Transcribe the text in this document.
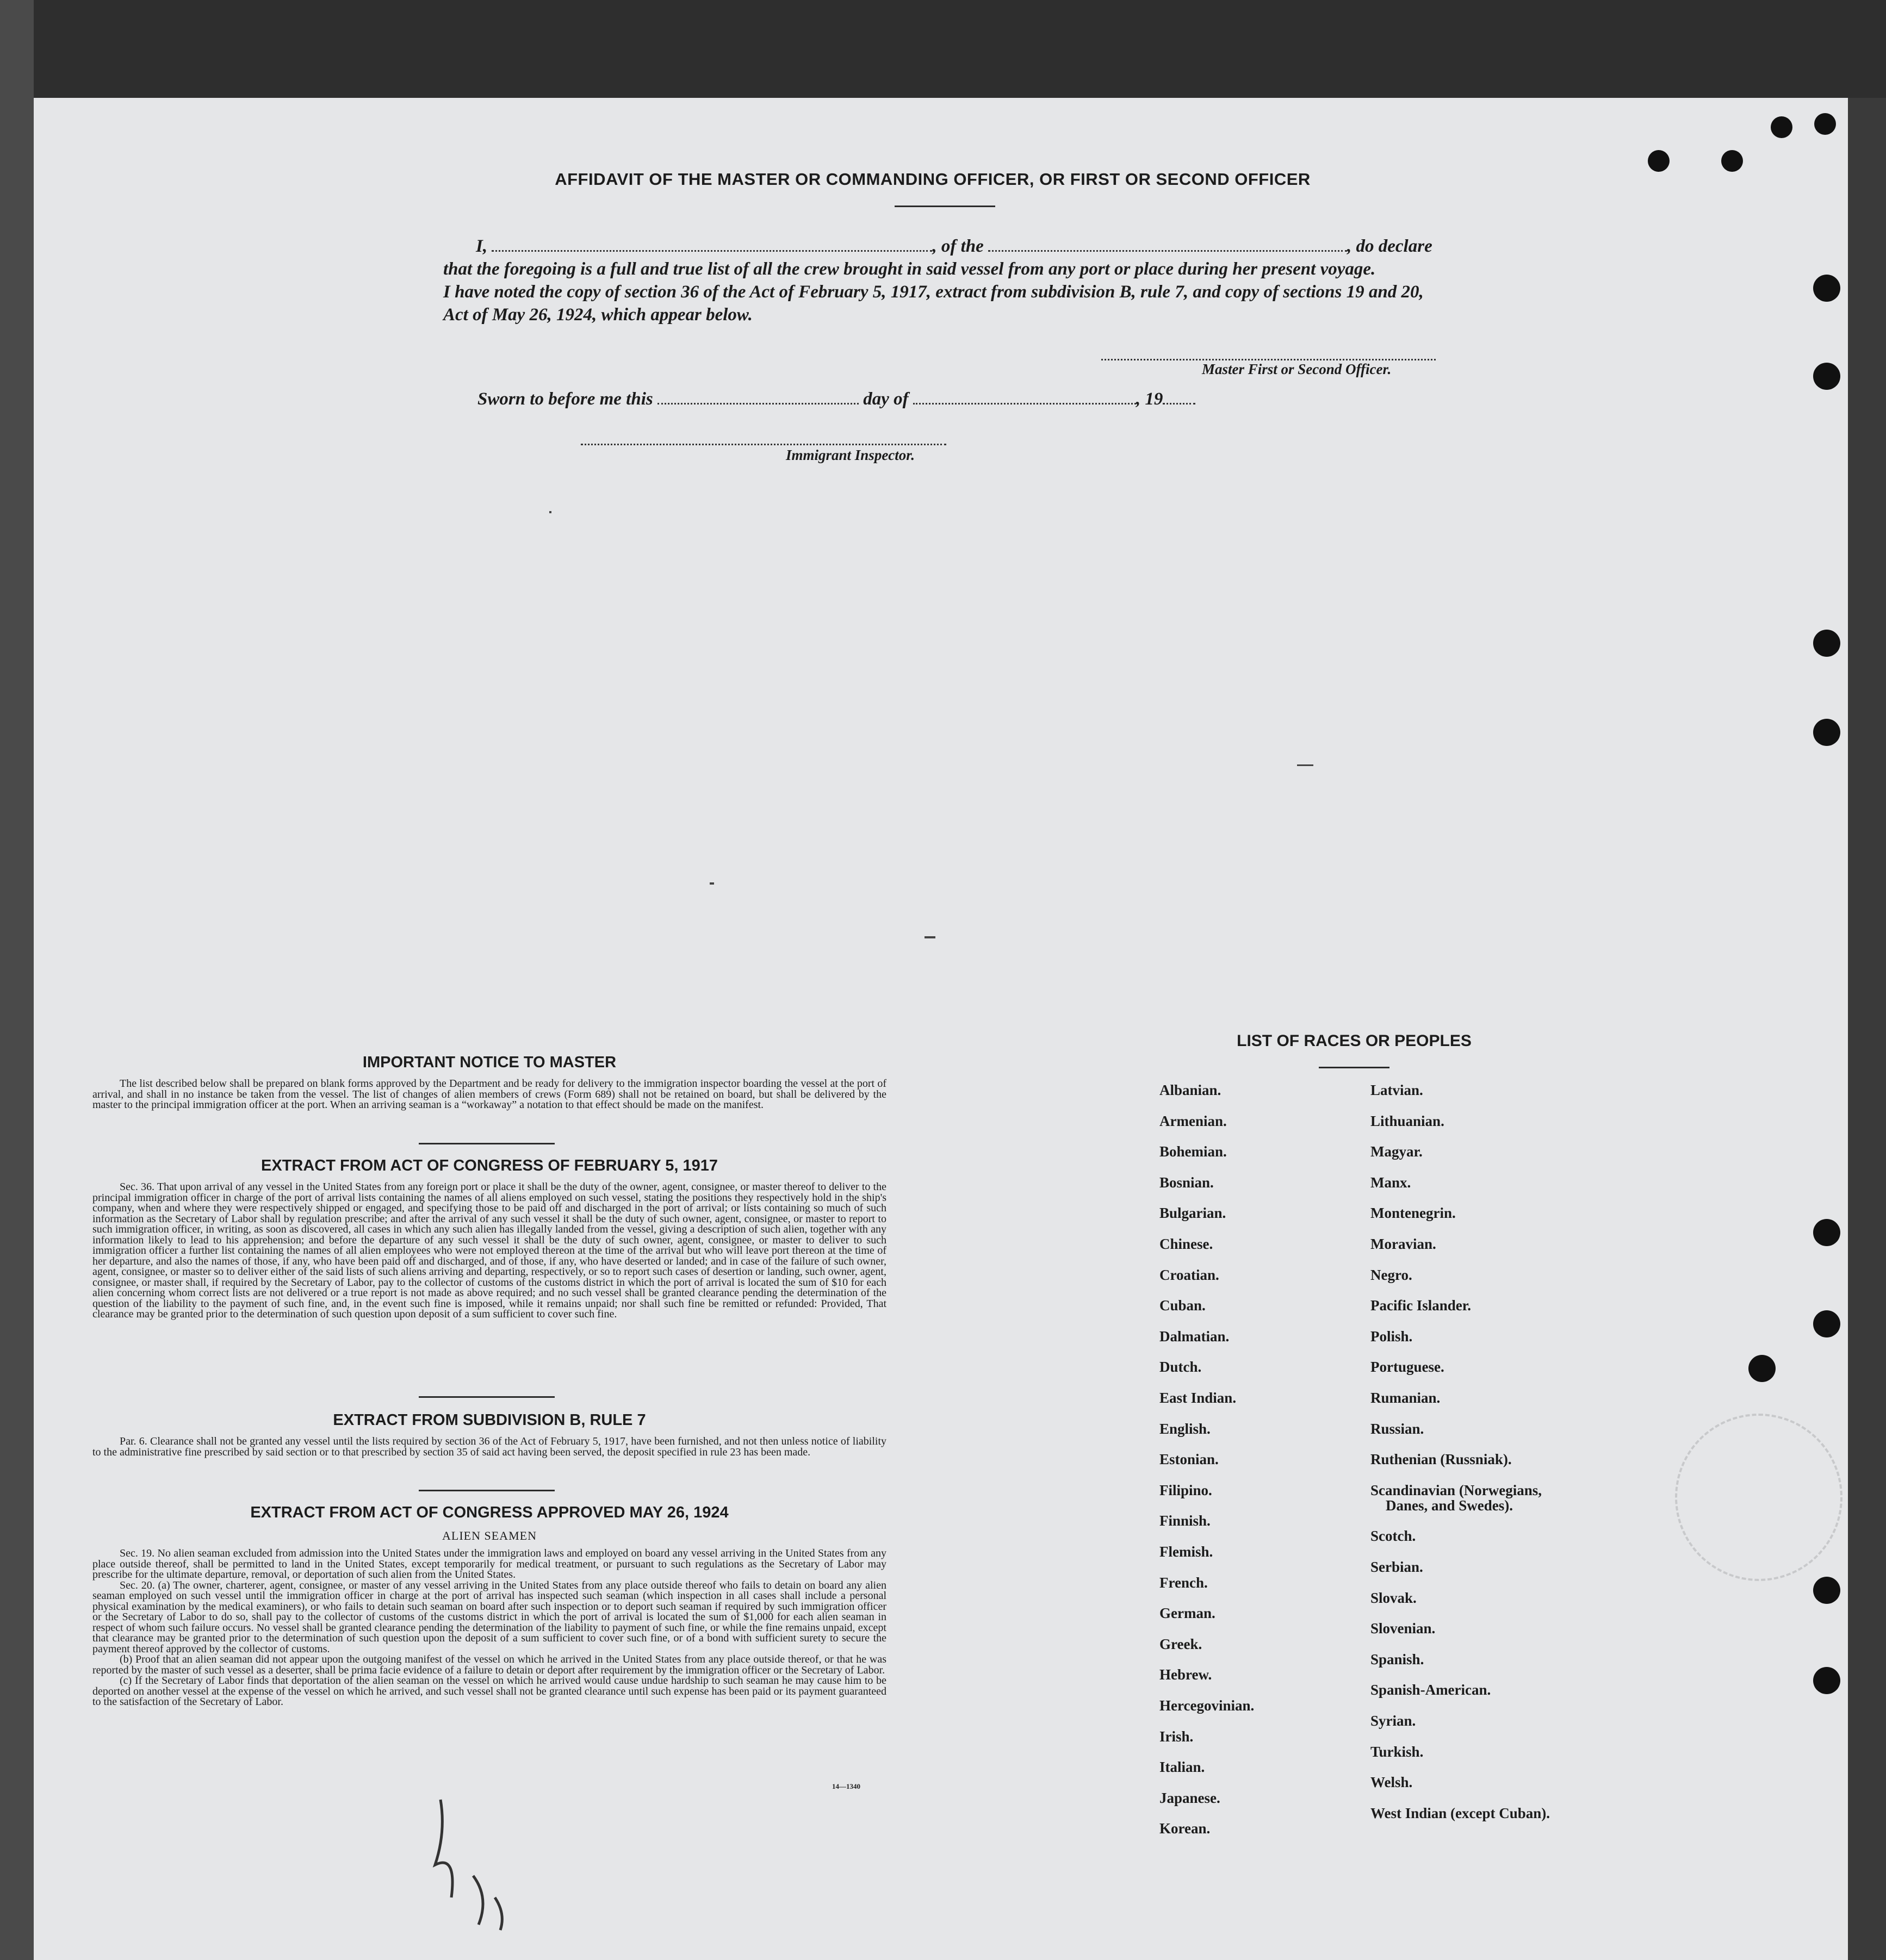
AFFIDAVIT OF THE MASTER OR COMMANDING OFFICER, OR FIRST OR SECOND OFFICER
I,	, of the	, do declare
that the foregoing is a full and true list of all the crew brought in said vessel from any port or place during her present voyage.
I have noted the copy of section 36 of the Act of February 5, 1917, extract from subdivision B, rule 7, and copy of sections 19 and 20,
Act of May 26, 1924, which appear below.
Master First or Second Officer.
Sworn to before me this	day of	, 19
Immigrant Inspector.
IMPORTANT NOTICE TO MASTER
The list described below shall be prepared on blank forms approved by the Department and be ready for delivery to the immigration inspector boarding the vessel at the port of arrival, and shall in no instance be taken from the vessel. The list of changes of alien members of crews (Form 689) shall not be retained on board, but shall be delivered by the master to the principal immigration officer at the port. When an arriving seaman is a “workaway” a notation to that effect should be made on the manifest.
EXTRACT FROM ACT OF CONGRESS OF FEBRUARY 5, 1917
Sec. 36. That upon arrival of any vessel in the United States from any foreign port or place it shall be the duty of the owner, agent, consignee, or master thereof to deliver to the principal immigration officer in charge of the port of arrival lists containing the names of all aliens employed on such vessel, stating the positions they respectively hold in the ship's company, when and where they were respectively shipped or engaged, and specifying those to be paid off and discharged in the port of arrival; or lists containing so much of such information as the Secretary of Labor shall by regulation prescribe; and after the arrival of any such vessel it shall be the duty of such owner, agent, consignee, or master to report to such immigration officer, in writing, as soon as discovered, all cases in which any such alien has illegally landed from the vessel, giving a description of such alien, together with any information likely to lead to his apprehension; and before the departure of any such vessel it shall be the duty of such owner, agent, consignee, or master to deliver to such immigration officer a further list containing the names of all alien employees who were not employed thereon at the time of the arrival but who will leave port thereon at the time of her departure, and also the names of those, if any, who have been paid off and discharged, and of those, if any, who have deserted or landed; and in case of the failure of such owner, agent, consignee, or master so to deliver either of the said lists of such aliens arriving and departing, respectively, or so to report such cases of desertion or landing, such owner, agent, consignee, or master shall, if required by the Secretary of Labor, pay to the collector of customs of the customs district in which the port of arrival is located the sum of $10 for each alien concerning whom correct lists are not delivered or a true report is not made as above required; and no such vessel shall be granted clearance pending the determination of the question of the liability to the payment of such fine, and, in the event such fine is imposed, while it remains unpaid; nor shall such fine be remitted or refunded: Provided, That clearance may be granted prior to the determination of such question upon deposit of a sum sufficient to cover such fine.
EXTRACT FROM SUBDIVISION B, RULE 7
Par. 6. Clearance shall not be granted any vessel until the lists required by section 36 of the Act of February 5, 1917, have been furnished, and not then unless notice of liability to the administrative fine prescribed by said section or to that prescribed by section 35 of said act having been served, the deposit specified in rule 23 has been made.
EXTRACT FROM ACT OF CONGRESS APPROVED MAY 26, 1924
ALIEN SEAMEN

Sec. 19. No alien seaman excluded from admission into the United States under the immigration laws and employed on board any vessel arriving in the United States from any place outside thereof, shall be permitted to land in the United States, except temporarily for medical treatment, or pursuant to such regulations as the Secretary of Labor may prescribe for the ultimate departure, removal, or deportation of such alien from the United States.

Sec. 20. (a) The owner, charterer, agent, consignee, or master of any vessel arriving in the United States from any place outside thereof who fails to detain on board any alien seaman employed on such vessel until the immigration officer in charge at the port of arrival has inspected such seaman (which inspection in all cases shall include a personal physical examination by the medical examiners), or who fails to detain such seaman on board after such inspection or to deport such seaman if required by such immigration officer or the Secretary of Labor to do so, shall pay to the collector of customs of the customs district in which the port of arrival is located the sum of $1,000 for each alien seaman in respect of whom such failure occurs. No vessel shall be granted clearance pending the determination of the liability to payment of such fine, or while the fine remains unpaid, except that clearance may be granted prior to the determination of such question upon the deposit of a sum sufficient to cover such fine, or of a bond with sufficient surety to secure the payment thereof approved by the collector of customs.

(b) Proof that an alien seaman did not appear upon the outgoing manifest of the vessel on which he arrived in the United States from any place outside thereof, or that he was reported by the master of such vessel as a deserter, shall be prima facie evidence of a failure to detain or deport after requirement by the immigration officer or the Secretary of Labor.

(c) If the Secretary of Labor finds that deportation of the alien seaman on the vessel on which he arrived would cause undue hardship to such seaman he may cause him to be deported on another vessel at the expense of the vessel on which he arrived, and such vessel shall not be granted clearance until such expense has been paid or its payment guaranteed to the satisfaction of the Secretary of Labor.

14—1340
LIST OF RACES OR PEOPLES
Albanian.
Armenian.
Bohemian.
Bosnian.
Bulgarian.
Chinese.
Croatian.
Cuban.
Dalmatian.
Dutch.
East Indian.
English.
Estonian.
Filipino.
Finnish.
Flemish.
French.
German.
Greek.
Hebrew.
Hercegovinian.
Irish.
Italian.
Japanese.
Korean.
Latvian.
Lithuanian.
Magyar.
Manx.
Montenegrin.
Moravian.
Negro.
Pacific Islander.
Polish.
Portuguese.
Rumanian.
Russian.
Ruthenian (Russniak).
Scandinavian (Norwegians,
Danes, and Swedes).
Scotch.
Serbian.
Slovak.
Slovenian.
Spanish.
Spanish-American.
Syrian.
Turkish.
Welsh.
West Indian (except Cuban).
